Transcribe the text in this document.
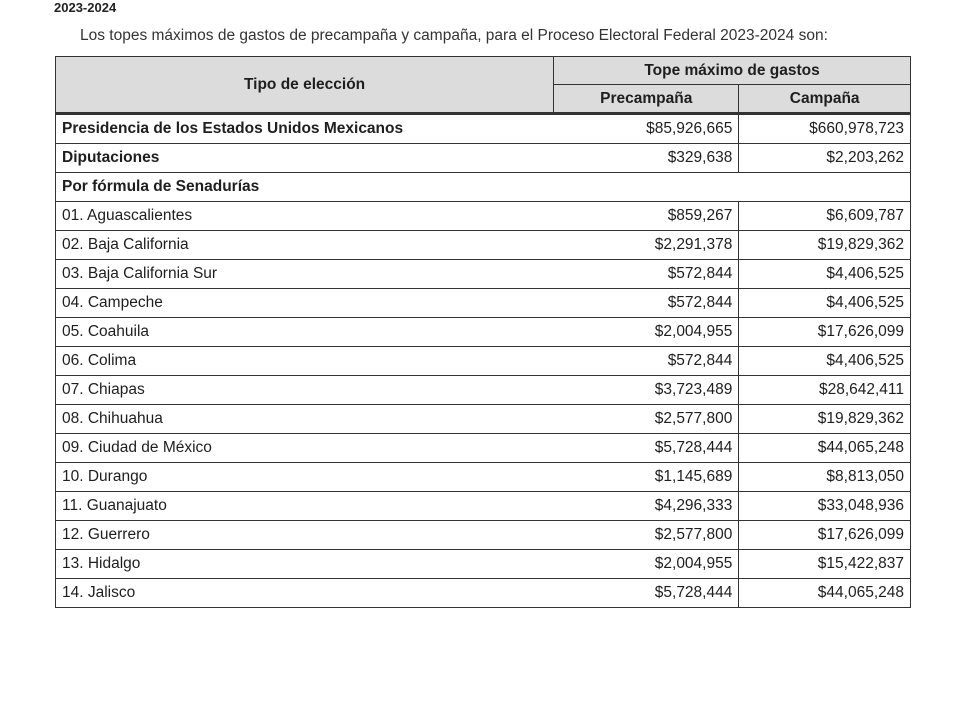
2023-2024
Los topes máximos de gastos de precampaña y campaña, para el Proceso Electoral Federal 2023-2024 son:
Tipo de elección	Tope máximo de gastos	
	Precampaña	Campaña
Presidencia de los Estados Unidos Mexicanos	$85,926,665	$660,978,723
Diputaciones	$329,638	$2,203,262
Por fórmula de Senadurías		
01. Aguascalientes	$859,267	$6,609,787
02. Baja California	$2,291,378	$19,829,362
03. Baja California Sur	$572,844	$4,406,525
04. Campeche	$572,844	$4,406,525
05. Coahuila	$2,004,955	$17,626,099
06. Colima	$572,844	$4,406,525
07. Chiapas	$3,723,489	$28,642,411
08. Chihuahua	$2,577,800	$19,829,362
09. Ciudad de México	$5,728,444	$44,065,248
10. Durango	$1,145,689	$8,813,050
11. Guanajuato	$4,296,333	$33,048,936
12. Guerrero	$2,577,800	$17,626,099
13. Hidalgo	$2,004,955	$15,422,837
14. Jalisco	$5,728,444	$44,065,248
